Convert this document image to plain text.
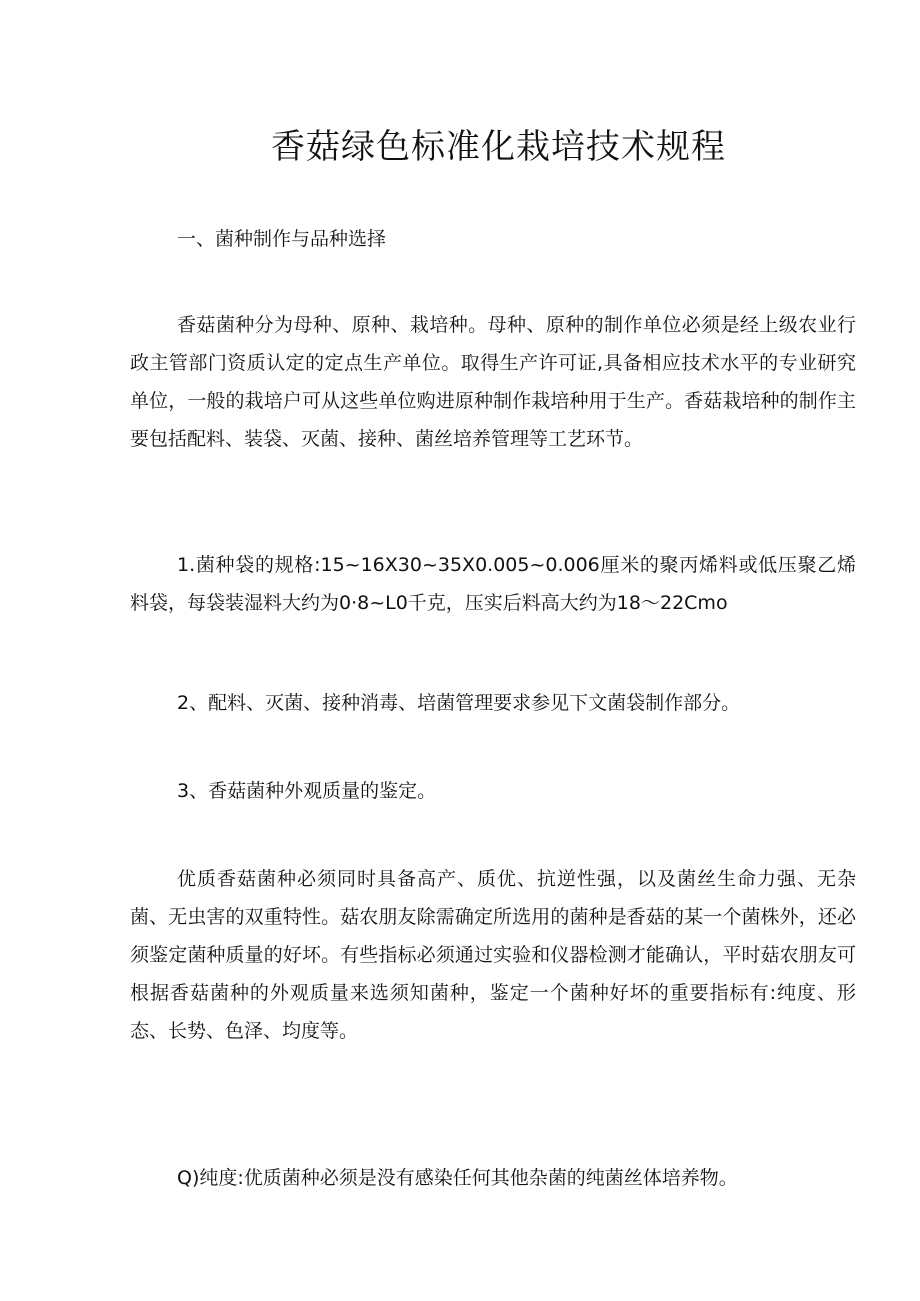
香菇绿色标准化栽培技术规程

一、菌种制作与品种选择

香菇菌种分为母种、原种、栽培种。母种、原种的制作单位必须是经上级农业行政主管部门资质认定的定点生产单位。取得生产许可证,具备相应技术水平的专业研究单位，一般的栽培户可从这些单位购进原种制作栽培种用于生产。香菇栽培种的制作主要包括配料、装袋、灭菌、接种、菌丝培养管理等工艺环节。

1.菌种袋的规格:15~16X30~35X0.005~0.006厘米的聚丙烯料或低压聚乙烯料袋，每袋装湿料大约为0·8~L0千克，压实后料高大约为18～22Cmo

2、配料、灭菌、接种消毒、培菌管理要求参见下文菌袋制作部分。

3、香菇菌种外观质量的鉴定。

优质香菇菌种必须同时具备高产、质优、抗逆性强，以及菌丝生命力强、无杂菌、无虫害的双重特性。菇农朋友除需确定所选用的菌种是香菇的某一个菌株外，还必须鉴定菌种质量的好坏。有些指标必须通过实验和仪器检测才能确认，平时菇农朋友可根据香菇菌种的外观质量来选须知菌种，鉴定一个菌种好坏的重要指标有:纯度、形态、长势、色泽、均度等。

Q)纯度:优质菌种必须是没有感染任何其他杂菌的纯菌丝体培养物。
